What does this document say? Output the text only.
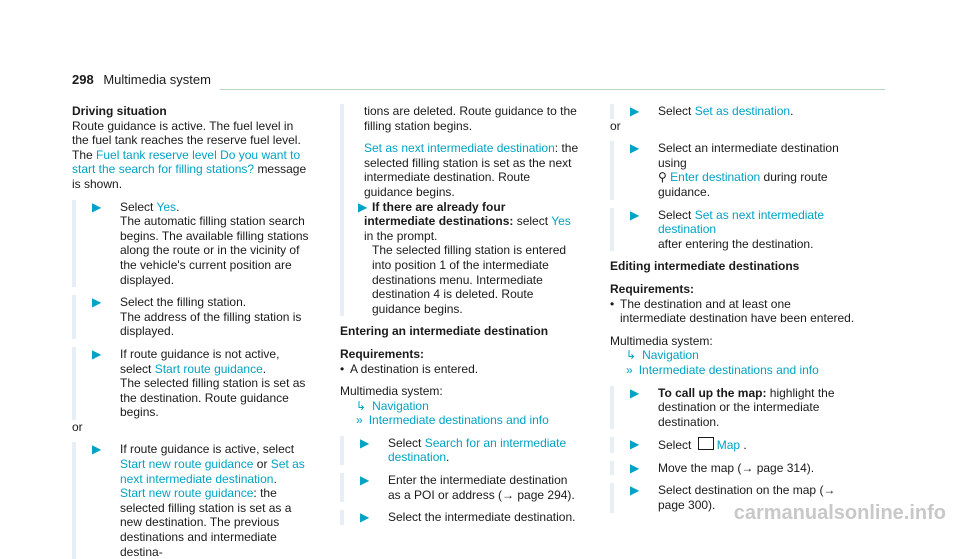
298 Multimedia system

Driving situation

Route guidance is active. The fuel level in the fuel tank reaches the reserve fuel level.

The Fuel tank reserve level Do you want to start the search for filling stations? message is shown.

▶ Select Yes.

The automatic filling station search begins. The available filling stations along the route or in the vicinity of the vehicle's current position are displayed.

▶ Select the filling station.

The address of the filling station is displayed.

▶ If route guidance is not active, select Start route guidance.

The selected filling station is set as the destination. Route guidance begins.

or

▶ If route guidance is active, select Start new route guidance or Set as next intermediate destination.

Start new route guidance: the selected filling station is set as a new destination. The previous destinations and intermediate destina-

tions are deleted. Route guidance to the filling station begins.

Set as next intermediate destination: the selected filling station is set as the next intermediate destination. Route guidance begins.

▶ If there are already four intermediate destinations: select Yes in the prompt.

The selected filling station is entered into position 1 of the intermediate destinations menu. Intermediate destination 4 is deleted. Route guidance begins.

Entering an intermediate destination

Requirements:

• A destination is entered.

Multimedia system:

↳ Navigation

» Intermediate destinations and info

▶ Select Search for an intermediate destination.

▶ Enter the intermediate destination as a POI or address (→ page 294).

▶ Select the intermediate destination.

▶ Select Set as destination.

or

▶ Select an intermediate destination using

⚲ Enter destination during route guidance.

▶ Select Set as next intermediate destination

after entering the destination.

Editing intermediate destinations

Requirements:

• The destination and at least one intermediate destination have been entered.

Multimedia system:

↳ Navigation

» Intermediate destinations and info

▶ To call up the map: highlight the destination or the intermediate destination.

▶ Select Map .

▶ Move the map (→ page 314).

▶ Select destination on the map (→ page 300). carmanualsonline.info
